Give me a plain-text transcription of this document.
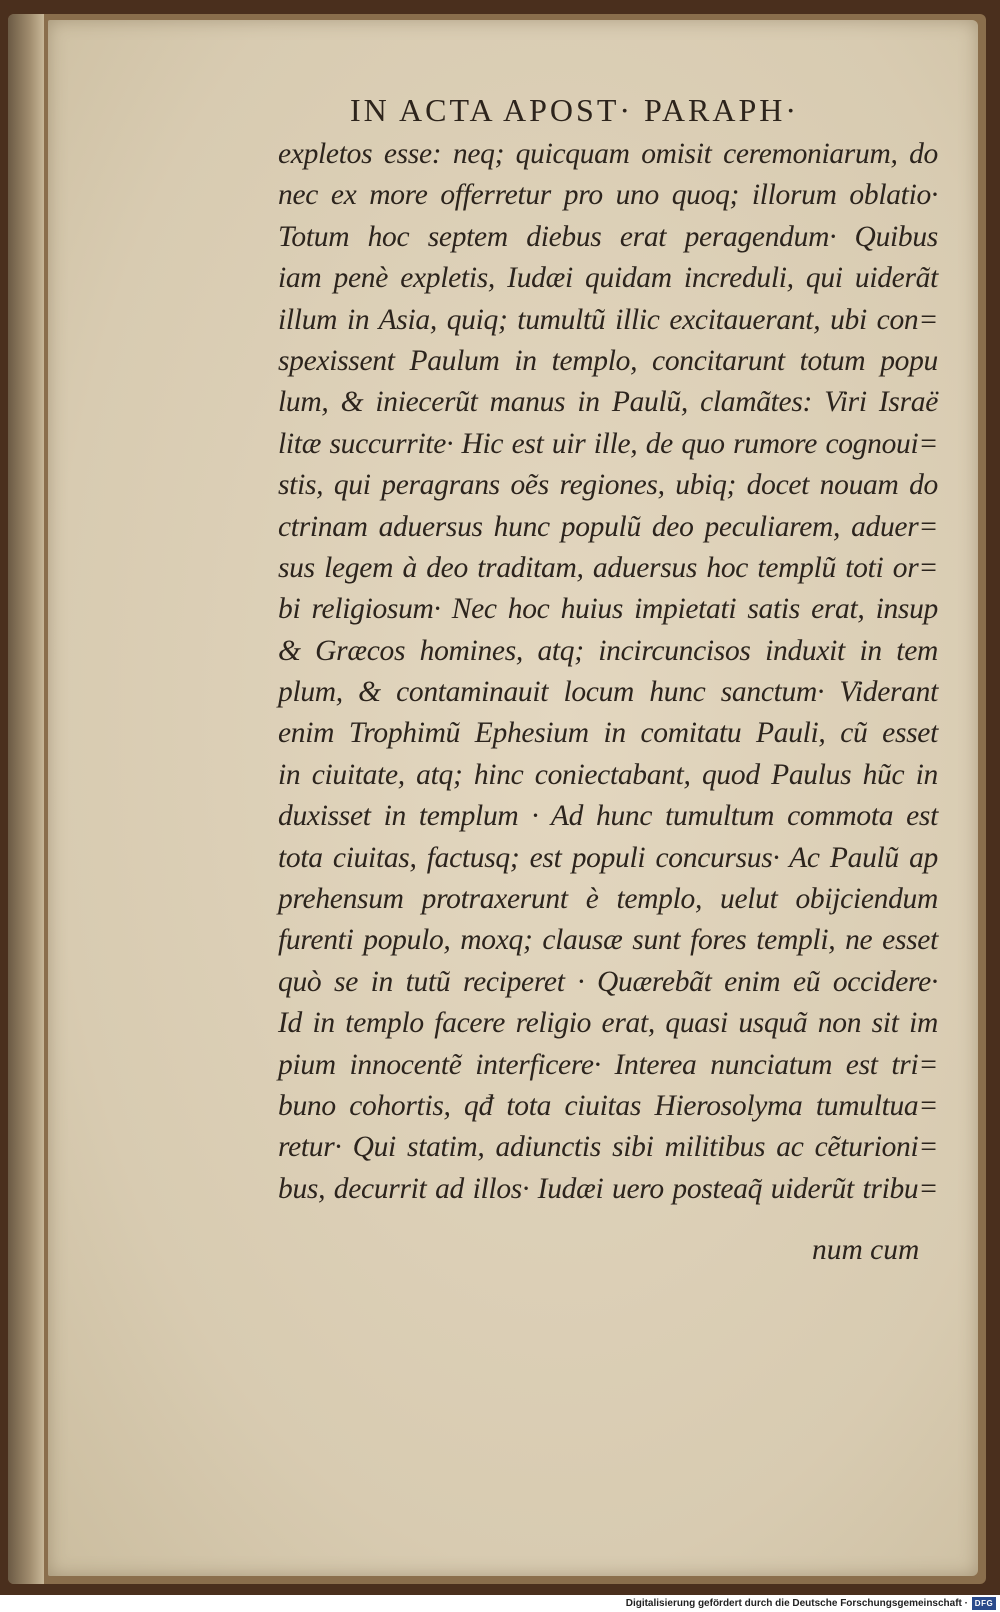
IN ACTA APOST· PARAPH·
expletos esse: neq; quicquam omisit ceremoniarum, do
nec ex more offerretur pro uno quoq; illorum oblatio·
Totum hoc septem diebus erat peragendum· Quibus
iam penè expletis, Iudæi quidam increduli, qui uiderãt
illum in Asia, quiq; tumultũ illic excitauerant, ubi con=
spexissent Paulum in templo, concitarunt totum popu
lum, & iniecerũt manus in Paulũ, clamãtes: Viri Israë
litæ succurrite· Hic est uir ille, de quo rumore cognoui=
stis, qui peragrans oẽs regiones, ubiq; docet nouam do
ctrinam aduersus hunc populũ deo peculiarem, aduer=
sus legem à deo traditam, aduersus hoc templũ toti or=
bi religiosum· Nec hoc huius impietati satis erat, insup
& Græcos homines, atq; incircuncisos induxit in tem
plum, & contaminauit locum hunc sanctum· Viderant
enim Trophimũ Ephesium in comitatu Pauli, cũ esset
in ciuitate, atq; hinc coniectabant, quod Paulus hũc in
duxisset in templum · Ad hunc tumultum commota est
tota ciuitas, factusq; est populi concursus· Ac Paulũ ap
prehensum protraxerunt è templo, uelut obijciendum
furenti populo, moxq; clausæ sunt fores templi, ne esset
quò se in tutũ reciperet · Quærebãt enim eũ occidere·
Id in templo facere religio erat, quasi usquã non sit im
pium innocentẽ interficere· Interea nunciatum est tri=
buno cohortis, qđ tota ciuitas Hierosolyma tumultua=
retur· Qui statim, adiunctis sibi militibus ac cẽturioni=
bus, decurrit ad illos· Iudæi uero posteaq̃ uiderũt tribu=
num cum
Digitalisierung gefördert durch die Deutsche Forschungsgemeinschaft · DFG
